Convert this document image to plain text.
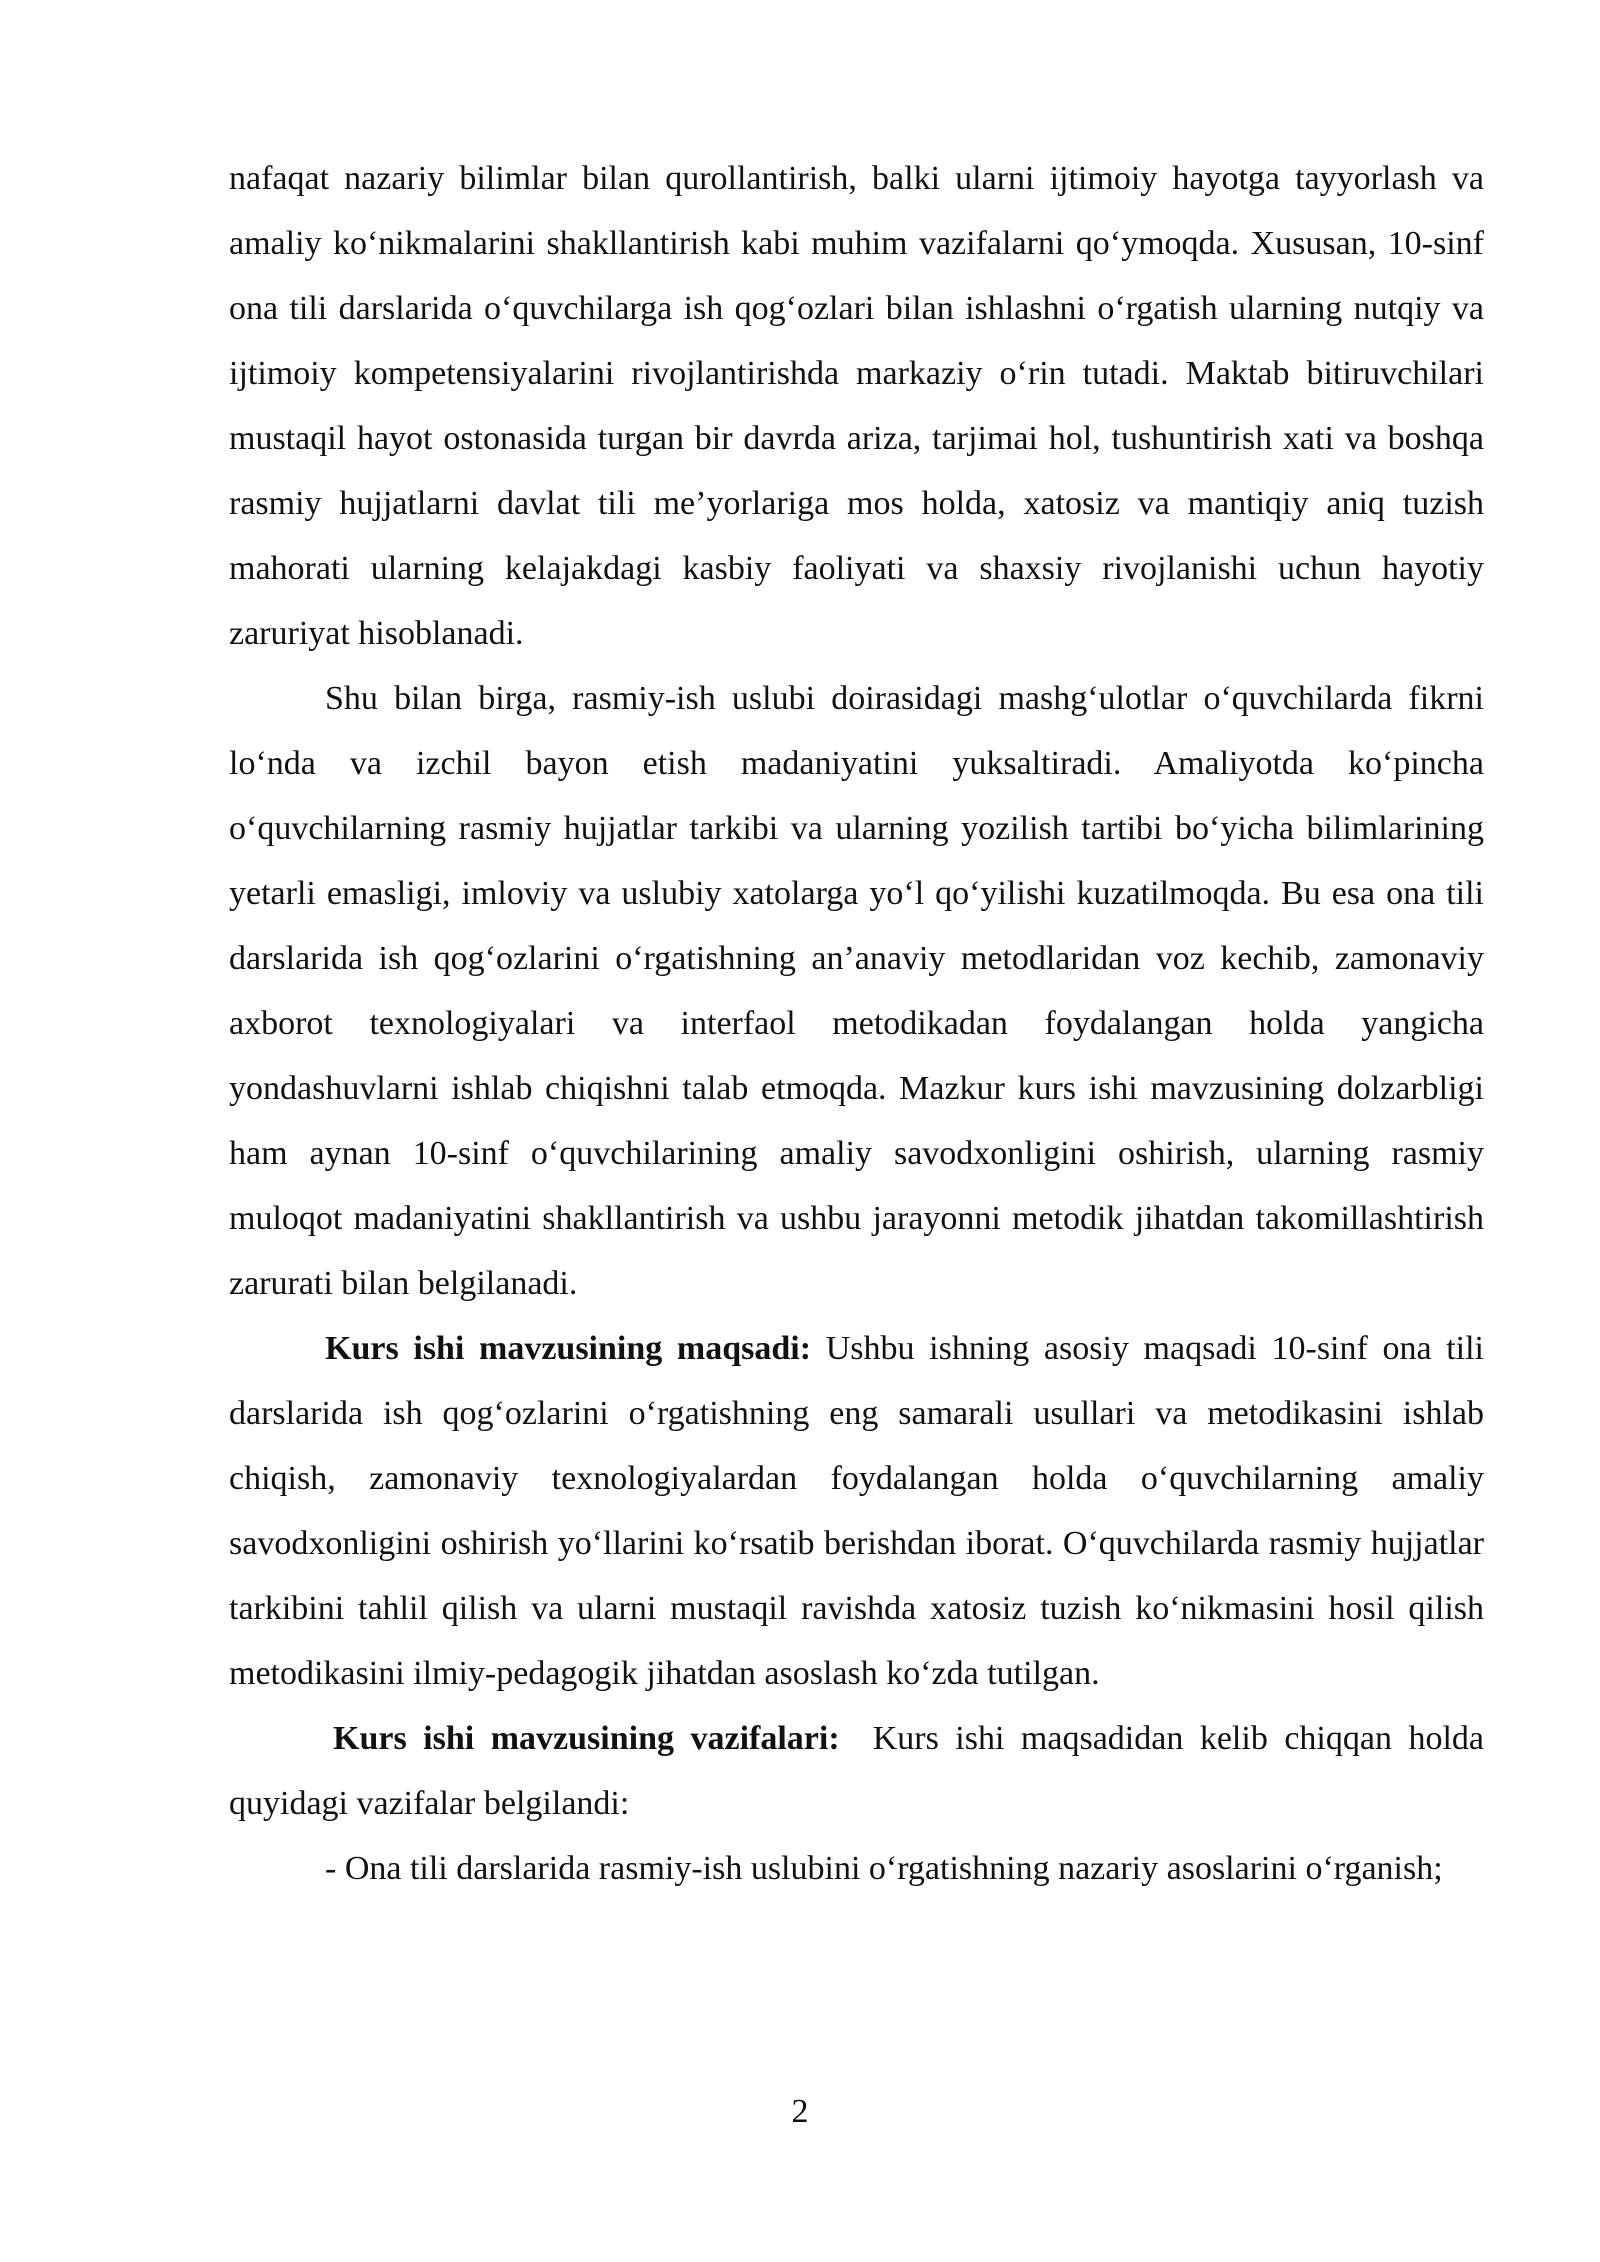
nafaqat nazariy bilimlar bilan qurollantirish, balki ularni ijtimoiy hayotga tayyorlash va amaliy ko‘nikmalarini shakllantirish kabi muhim vazifalarni qo‘ymoqda. Xususan, 10-sinf ona tili darslarida o‘quvchilarga ish qog‘ozlari bilan ishlashni o‘rgatish ularning nutqiy va ijtimoiy kompetensiyalarini rivojlantirishda markaziy o‘rin tutadi. Maktab bitiruvchilari mustaqil hayot ostonasida turgan bir davrda ariza, tarjimai hol, tushuntirish xati va boshqa rasmiy hujjatlarni davlat tili me’yorlariga mos holda, xatosiz va mantiqiy aniq tuzish mahorati ularning kelajakdagi kasbiy faoliyati va shaxsiy rivojlanishi uchun hayotiy zaruriyat hisoblanadi.

Shu bilan birga, rasmiy-ish uslubi doirasidagi mashg‘ulotlar o‘quvchilarda fikrni lo‘nda va izchil bayon etish madaniyatini yuksaltiradi. Amaliyotda ko‘pincha o‘quvchilarning rasmiy hujjatlar tarkibi va ularning yozilish tartibi bo‘yicha bilimlarining yetarli emasligi, imloviy va uslubiy xatolarga yo‘l qo‘yilishi kuzatilmoqda. Bu esa ona tili darslarida ish qog‘ozlarini o‘rgatishning an’anaviy metodlaridan voz kechib, zamonaviy axborot texnologiyalari va interfaol metodikadan foydalangan holda yangicha yondashuvlarni ishlab chiqishni talab etmoqda. Mazkur kurs ishi mavzusining dolzarbligi ham aynan 10-sinf o‘quvchilarining amaliy savodxonligini oshirish, ularning rasmiy muloqot madaniyatini shakllantirish va ushbu jarayonni metodik jihatdan takomillashtirish zarurati bilan belgilanadi.

Kurs ishi mavzusining maqsadi: Ushbu ishning asosiy maqsadi 10-sinf ona tili darslarida ish qog‘ozlarini o‘rgatishning eng samarali usullari va metodikasini ishlab chiqish, zamonaviy texnologiyalardan foydalangan holda o‘quvchilarning amaliy savodxonligini oshirish yo‘llarini ko‘rsatib berishdan iborat. O‘quvchilarda rasmiy hujjatlar tarkibini tahlil qilish va ularni mustaqil ravishda xatosiz tuzish ko‘nikmasini hosil qilish metodikasini ilmiy-pedagogik jihatdan asoslash ko‘zda tutilgan.

Kurs ishi mavzusining vazifalari:  Kurs ishi maqsadidan kelib chiqqan holda quyidagi vazifalar belgilandi:

- Ona tili darslarida rasmiy-ish uslubini o‘rgatishning nazariy asoslarini o‘rganish;

2
